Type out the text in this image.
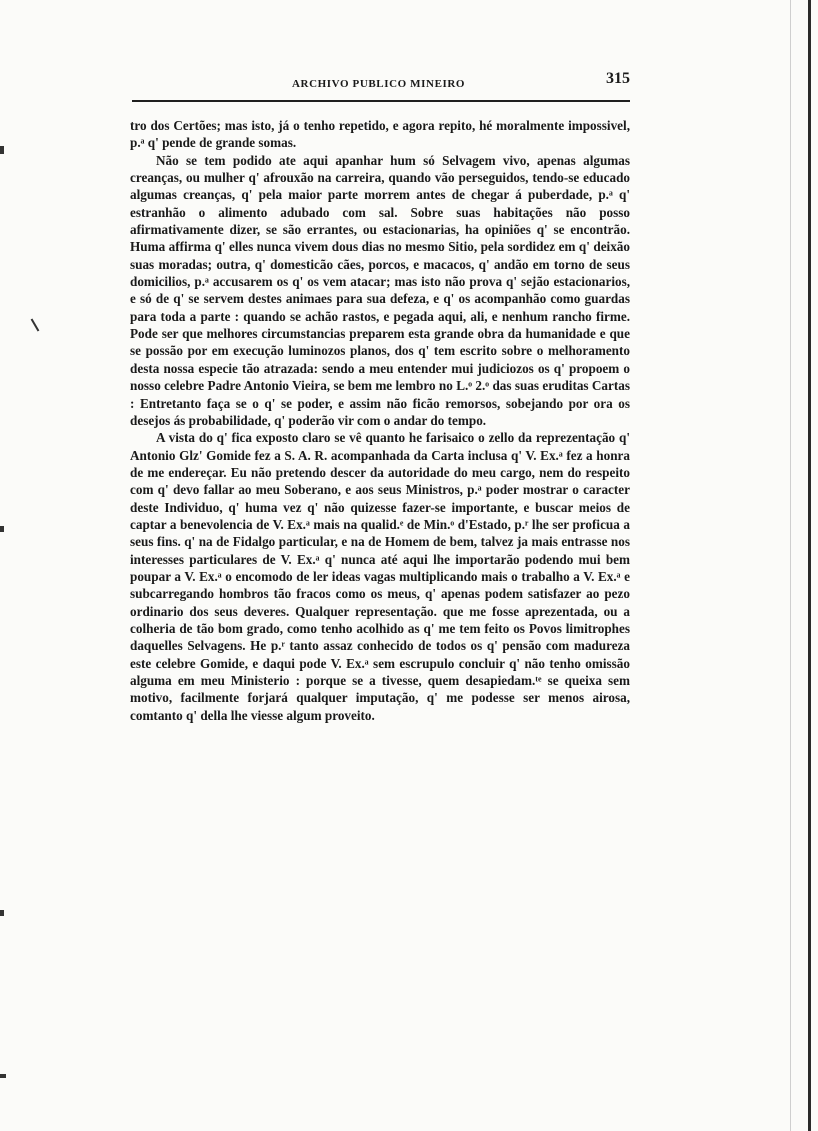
ARCHIVO PUBLICO MINEIRO	315

tro dos Certões; mas isto, já o tenho repetido, e agora repito, hé moralmente impossivel, p.ᵃ q' pende de grande somas.

Não se tem podido ate aqui apanhar hum só Selvagem vivo, apenas algumas creanças, ou mulher q' afrouxão na carreira, quando vão perseguidos, tendo-se educado algumas creanças, q' pela maior parte morrem antes de chegar á puberdade, p.ᵃ q' estranhão o alimento adubado com sal. Sobre suas habitações não posso afirmativamente dizer, se são errantes, ou estacionarias, ha opiniões q' se encontrão. Huma affirma q' elles nunca vivem dous dias no mesmo Sitio, pela sordidez em q' deixão suas moradas; outra, q' domesticão cães, porcos, e macacos, q' andão em torno de seus domicilios, p.ᵃ accusarem os q' os vem atacar; mas isto não prova q' sejão estacionarios, e só de q' se servem destes animaes para sua defeza, e q' os acompanhão como guardas para toda a parte : quando se achão rastos, e pegada aqui, ali, e nenhum rancho firme. Pode ser que melhores circumstancias preparem esta grande obra da humanidade e que se possão por em execução luminozos planos, dos q' tem escrito sobre o melhoramento desta nossa especie tão atrazada: sendo a meu entender mui judiciozos os q' propoem o nosso celebre Padre Antonio Vieira, se bem me lembro no L.ᵒ 2.ᵒ das suas eruditas Cartas : Entretanto faça se o q' se poder, e assim não ficão remorsos, sobejando por ora os desejos ás probabilidade, q' poderão vir com o andar do tempo.

A vista do q' fica exposto claro se vê quanto he farisaico o zello da reprezentação q' Antonio Glz' Gomide fez a S. A. R. acompanhada da Carta inclusa q' V. Ex.ᵃ fez a honra de me endereçar. Eu não pretendo descer da autoridade do meu cargo, nem do respeito com q' devo fallar ao meu Soberano, e aos seus Ministros, p.ᵃ poder mostrar o caracter deste Individuo, q' huma vez q' não quizesse fazer-se importante, e buscar meios de captar a benevolencia de V. Ex.ᵃ mais na qualid.ᵉ de Min.ᵒ d'Estado, p.ʳ lhe ser proficua a seus fins. q' na de Fidalgo particular, e na de Homem de bem, talvez ja mais entrasse nos interesses particulares de V. Ex.ᵃ q' nunca até aqui lhe importarão podendo mui bem poupar a V. Ex.ᵃ o encomodo de ler ideas vagas multiplicando mais o trabalho a V. Ex.ᵃ e subcarregando hombros tão fracos como os meus, q' apenas podem satisfazer ao pezo ordinario dos seus deveres. Qualquer representação. que me fosse aprezentada, ou a colheria de tão bom grado, como tenho acolhido as q' me tem feito os Povos limitrophes daquelles Selvagens. He p.ʳ tanto assaz conhecido de todos os q' pensão com madureza este celebre Gomide, e daqui pode V. Ex.ᵃ sem escrupulo concluir q' não tenho omissão alguma em meu Ministerio : porque se a tivesse, quem desapiedam.ᵗᵉ se queixa sem motivo, facilmente forjará qualquer imputação, q' me podesse ser menos airosa, comtanto q' della lhe viesse algum proveito.
